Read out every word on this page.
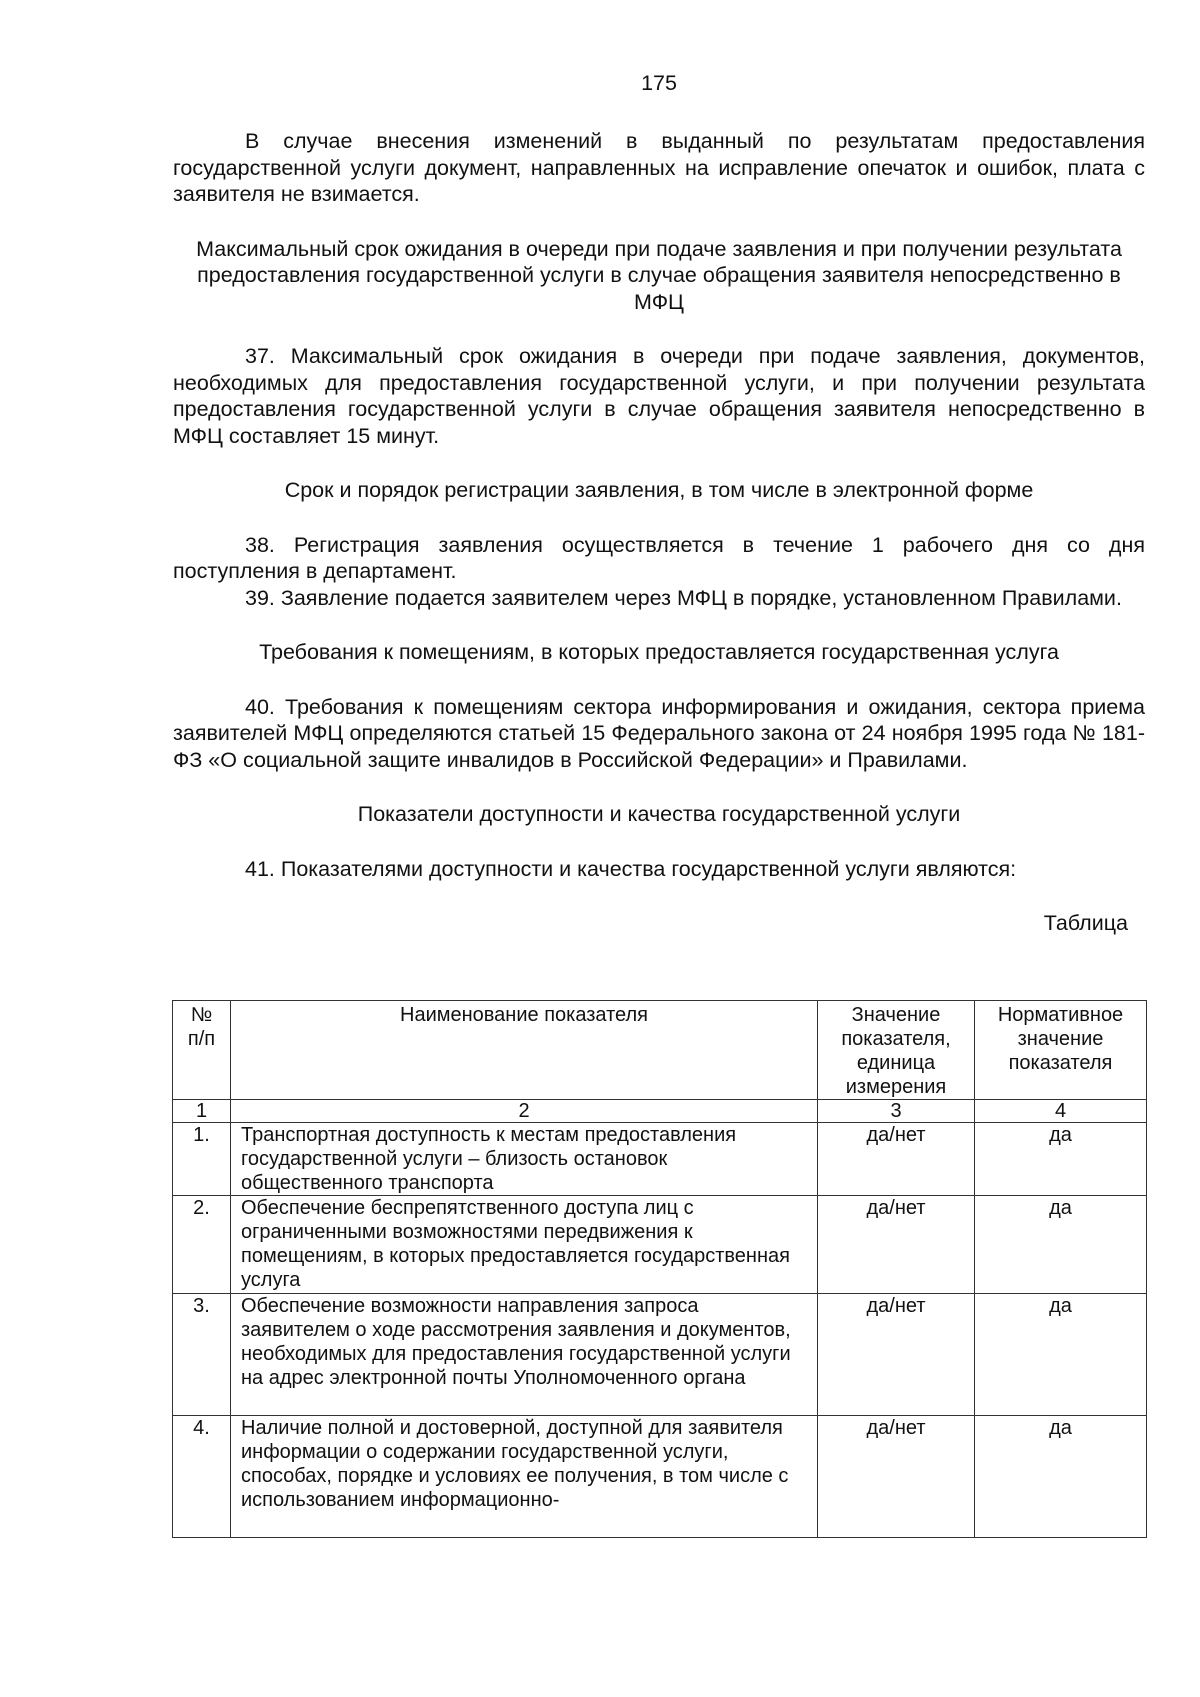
175

В случае внесения изменений в выданный по результатам предоставления государственной услуги документ, направленных на исправление опечаток и ошибок, плата с заявителя не взимается.

Максимальный срок ожидания в очереди при подаче заявления и при получении результата предоставления государственной услуги в случае обращения заявителя непосредственно в МФЦ

37. Максимальный срок ожидания в очереди при подаче заявления, документов, необходимых для предоставления государственной услуги, и при получении результата предоставления государственной услуги в случае обращения заявителя непосредственно в МФЦ составляет 15 минут.

Срок и порядок регистрации заявления, в том числе в электронной форме

38. Регистрация заявления осуществляется в течение 1 рабочего дня со дня поступления в департамент.

39. Заявление подается заявителем через МФЦ в порядке, установленном Правилами.

Требования к помещениям, в которых предоставляется государственная услуга

40. Требования к помещениям сектора информирования и ожидания, сектора приема заявителей МФЦ определяются статьей 15 Федерального закона от 24 ноября 1995 года № 181-ФЗ «О социальной защите инвалидов в Российской Федерации» и Правилами.

Показатели доступности и качества государственной услуги

41. Показателями доступности и качества государственной услуги являются:

Таблица

№ п/п	Наименование показателя	Значение показателя, единица измерения	Нормативное значение показателя
1	2	3	4
1.	Транспортная доступность к местам предоставления государственной услуги – близость остановок общественного транспорта	да/нет	да
2.	Обеспечение беспрепятственного доступа лиц с ограниченными возможностями передвижения к помещениям, в которых предоставляется государственная услуга	да/нет	да
3.	Обеспечение возможности направления запроса заявителем о ходе рассмотрения заявления и документов, необходимых для предоставления государственной услуги на адрес электронной почты Уполномоченного органа	да/нет	да
4.	Наличие полной и достоверной, доступной для заявителя информации о содержании государственной услуги, способах, порядке и условиях ее получения, в том числе с использованием информационно-	да/нет	да
